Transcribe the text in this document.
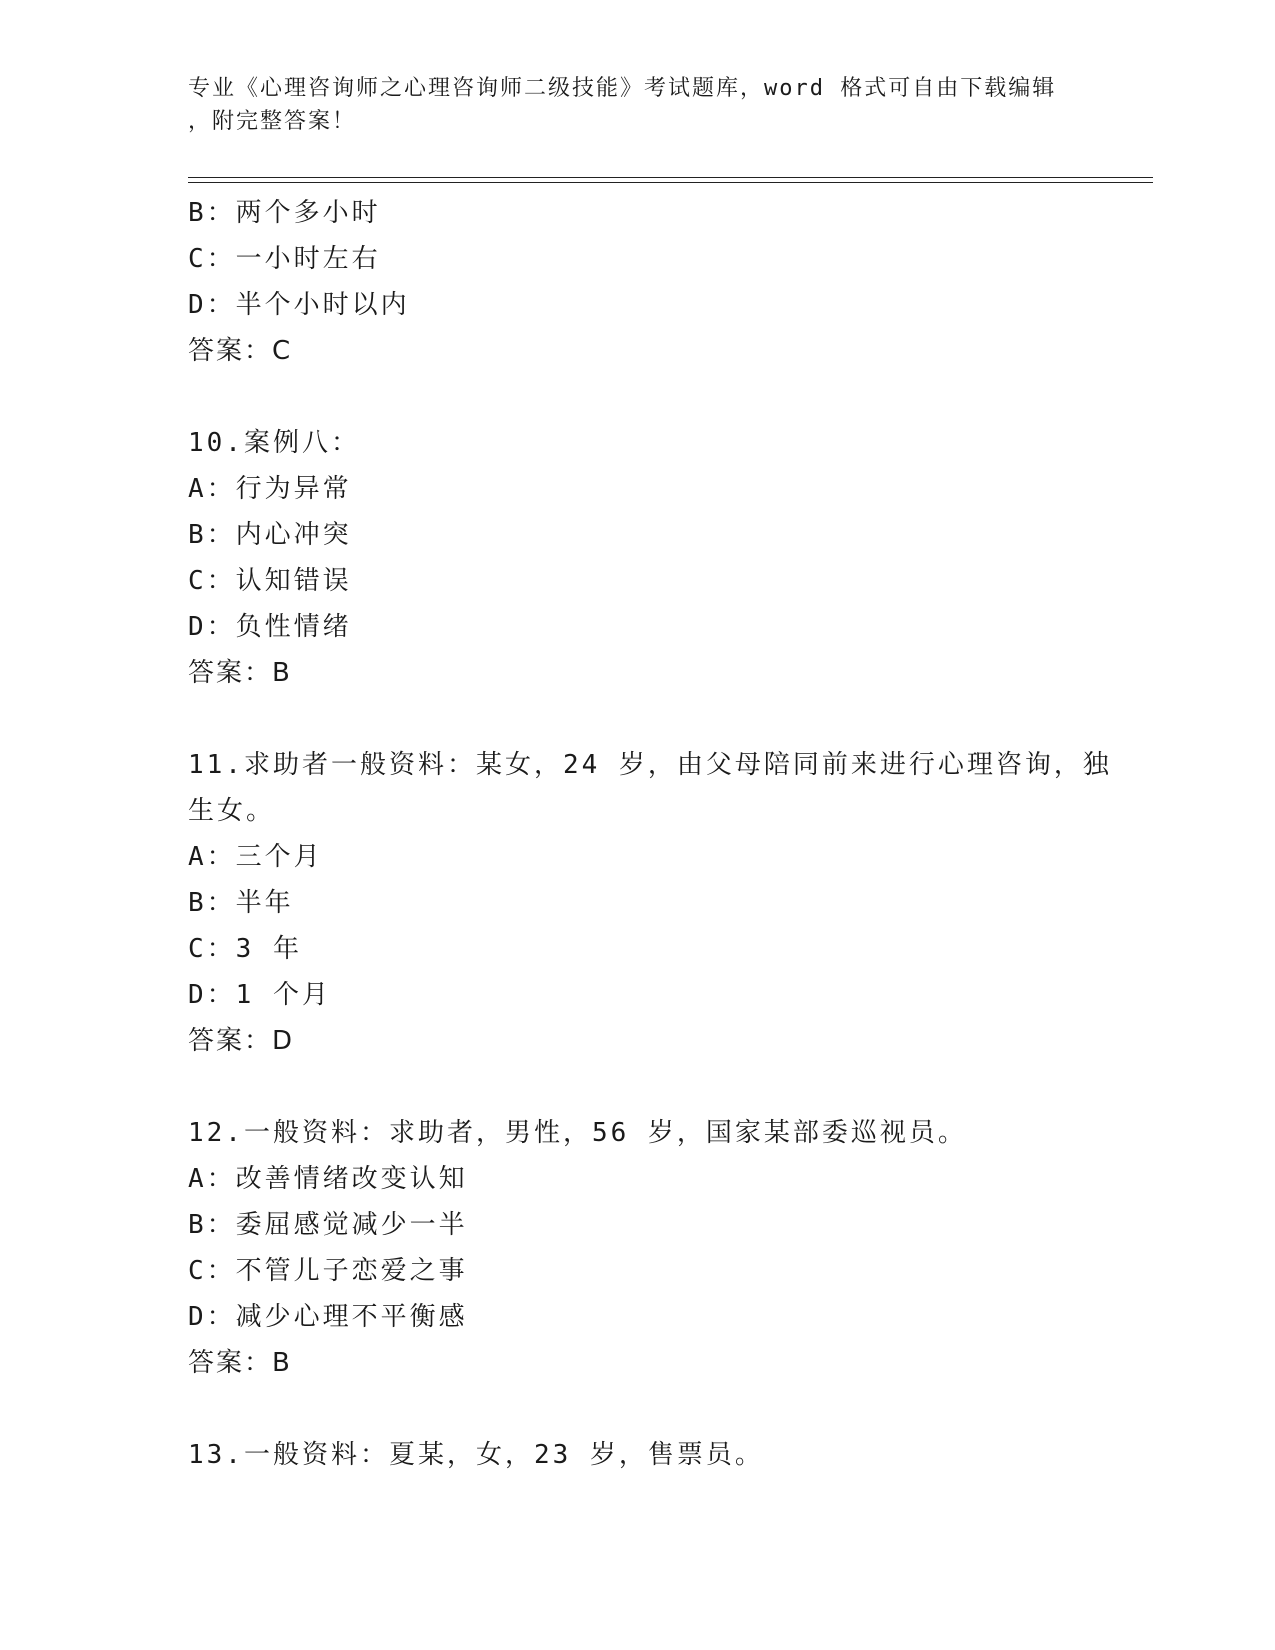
专业《心理咨询师之心理咨询师二级技能》考试题库，word 格式可自由下载编辑
，附完整答案！
B：两个多小时
C：一小时左右
D：半个小时以内
答案：C
10.案例八：
A：行为异常
B：内心冲突
C：认知错误
D：负性情绪
答案：B
11.求助者一般资料：某女，24 岁，由父母陪同前来进行心理咨询，独
生女。
A：三个月
B：半年
C：3 年
D：1 个月
答案：D
12.一般资料：求助者，男性，56 岁，国家某部委巡视员。
A：改善情绪改变认知
B：委屈感觉减少一半
C：不管儿子恋爱之事
D：减少心理不平衡感
答案：B
13.一般资料：夏某，女，23 岁，售票员。
